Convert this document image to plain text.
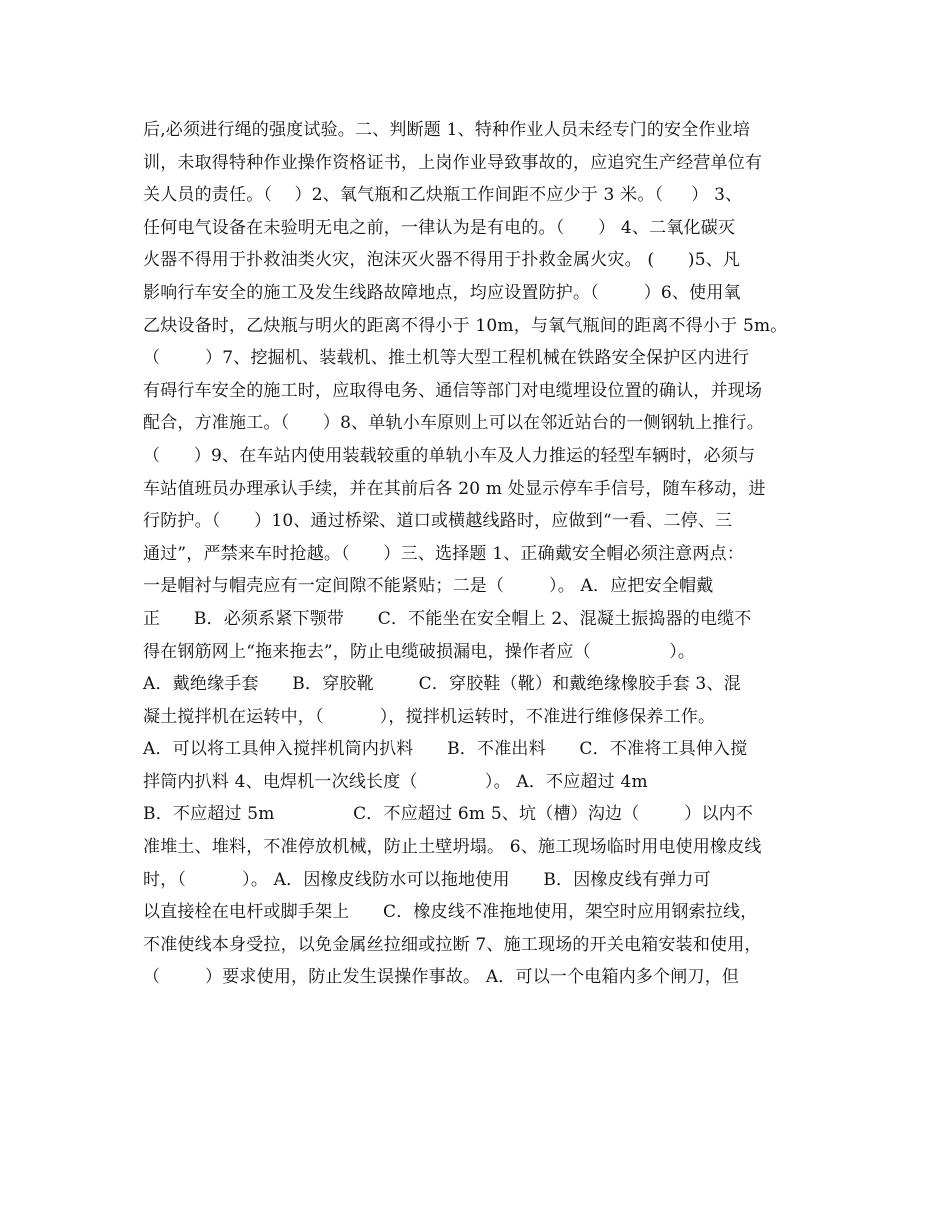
后,必须进行绳的强度试验。二、判断题 1、特种作业人员未经专门的安全作业培
训，未取得特种作业操作资格证书，上岗作业导致事故的，应追究生产经营单位有
关人员的责任。（    ）2、氧气瓶和乙炔瓶工作间距不应少于 3 米。（     ） 3、
任何电气设备在未验明无电之前，一律认为是有电的。（      ） 4、二氧化碳灭
火器不得用于扑救油类火灾，泡沫灭火器不得用于扑救金属火灾。 (      )5、凡
影响行车安全的施工及发生线路故障地点，均应设置防护。（        ）6、使用氧
乙炔设备时，乙炔瓶与明火的距离不得小于 10m，与氧气瓶间的距离不得小于 5m。
（        ）7、挖掘机、装载机、推土机等大型工程机械在铁路安全保护区内进行
有碍行车安全的施工时，应取得电务、通信等部门对电缆埋设位置的确认，并现场
配合，方准施工。（      ）8、单轨小车原则上可以在邻近站台的一侧钢轨上推行。
（      ）9、在车站内使用装载较重的单轨小车及人力推运的轻型车辆时，必须与
车站值班员办理承认手续，并在其前后各 20 m 处显示停车手信号，随车移动，进
行防护。（      ）10、通过桥梁、道口或横越线路时，应做到“一看、二停、三
通过”，严禁来车时抢越。（      ）三、选择题 1、正确戴安全帽必须注意两点：
一是帽衬与帽壳应有一定间隙不能紧贴；二是（        ）。 A．应把安全帽戴
正      B．必须系紧下颚带      C．不能坐在安全帽上 2、混凝土振捣器的电缆不
得在钢筋网上“拖来拖去”，防止电缆破损漏电，操作者应（              ）。
A．戴绝缘手套      B．穿胶靴        C．穿胶鞋（靴）和戴绝缘橡胶手套 3、混
凝土搅拌机在运转中，（          ），搅拌机运转时，不准进行维修保养工作。
A．可以将工具伸入搅拌机筒内扒料      B．不准出料      C．不准将工具伸入搅
拌筒内扒料 4、电焊机一次线长度（            ）。 A．不应超过 4m
B．不应超过 5m              C．不应超过 6m 5、坑（槽）沟边（        ）以内不
准堆土、堆料，不准停放机械，防止土壁坍塌。 6、施工现场临时用电使用橡皮线
时，（          ）。 A．因橡皮线防水可以拖地使用      B．因橡皮线有弹力可
以直接栓在电杆或脚手架上      C．橡皮线不准拖地使用，架空时应用钢索拉线，
不准使线本身受拉，以免金属丝拉细或拉断 7、施工现场的开关电箱安装和使用，
（        ）要求使用，防止发生误操作事故。 A．可以一个电箱内多个闸刀，但
